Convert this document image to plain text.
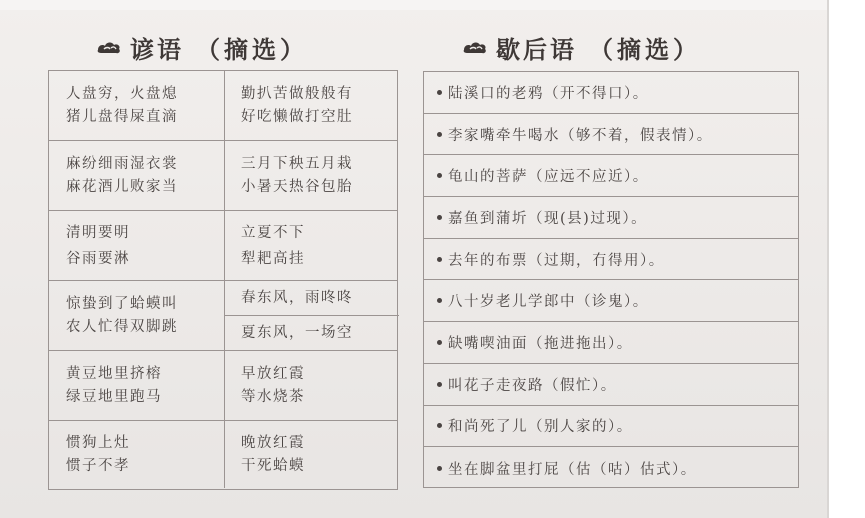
谚语 （摘选）	歇后语 （摘选）
人盘穷，火盘熄
猪儿盘得屎直滴
勤扒苦做般般有
好吃懒做打空肚
麻纷细雨湿衣裳
麻花酒儿败家当
三月下秧五月栽
小暑天热谷包胎
清明要明
谷雨要淋
立夏不下
犁耙高挂
惊蛰到了蛤蟆叫
农人忙得双脚跳
春东风，雨咚咚
夏东风，一场空
黄豆地里挤榕
绿豆地里跑马
早放红霞
等水烧茶
惯狗上灶
惯子不孝
晚放红霞
干死蛤蟆
陆溪口的老鸦（开不得口）。
李家嘴牵牛喝水（够不着，假表情）。
龟山的菩萨（应远不应近）。
嘉鱼到蒲圻（现(县)过现）。
去年的布票（过期，冇得用）。
八十岁老儿学郎中（诊鬼）。
缺嘴喫油面（拖进拖出）。
叫花子走夜路（假忙）。
和尚死了儿（别人家的）。
坐在脚盆里打屁（估（咕）估式）。
